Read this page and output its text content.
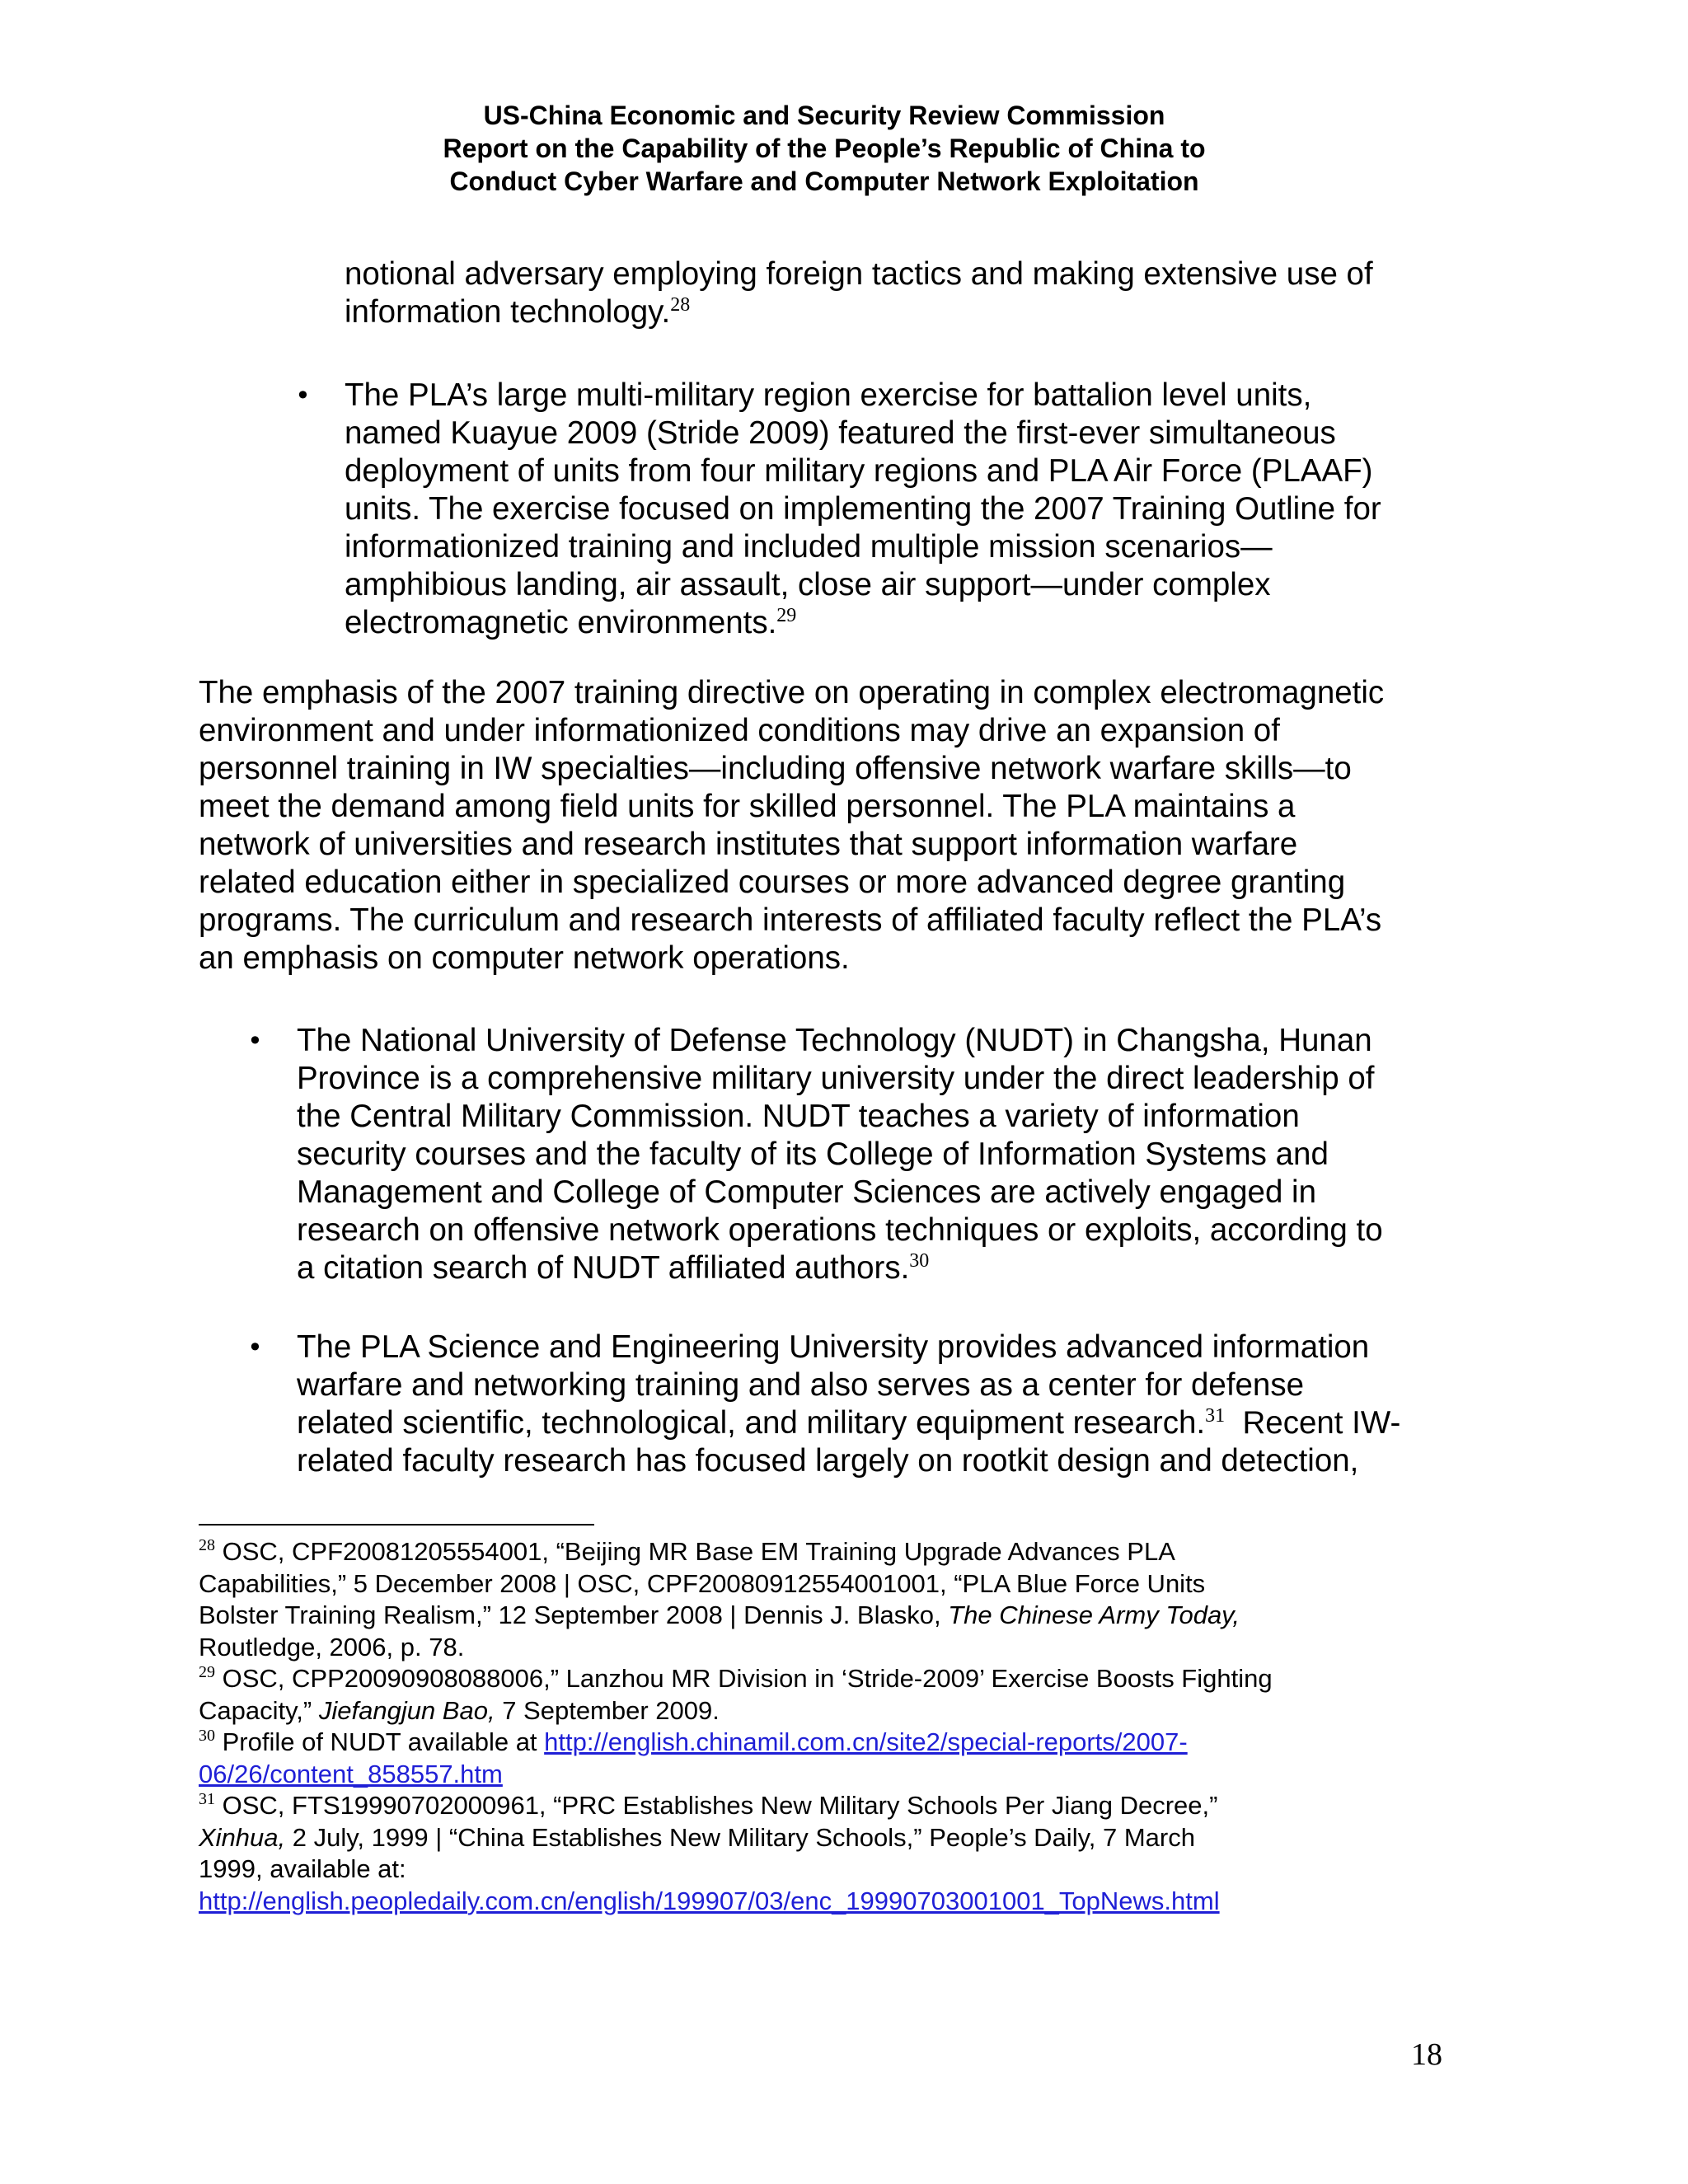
US-China Economic and Security Review Commission
Report on the Capability of the People’s Republic of China to
Conduct Cyber Warfare and Computer Network Exploitation
notional adversary employing foreign tactics and making extensive use of
information technology.$^{28}$
• The PLA’s large multi-military region exercise for battalion level units,
named Kuayue 2009 (Stride 2009) featured the first-ever simultaneous
deployment of units from four military regions and PLA Air Force (PLAAF)
units. The exercise focused on implementing the 2007 Training Outline for
informationized training and included multiple mission scenarios—
amphibious landing, air assault, close air support—under complex
electromagnetic environments.$^{29}$
The emphasis of the 2007 training directive on operating in complex electromagnetic
environment and under informationized conditions may drive an expansion of
personnel training in IW specialties—including offensive network warfare skills—to
meet the demand among field units for skilled personnel. The PLA maintains a
network of universities and research institutes that support information warfare
related education either in specialized courses or more advanced degree granting
programs. The curriculum and research interests of affiliated faculty reflect the PLA’s
an emphasis on computer network operations.
• The National University of Defense Technology (NUDT) in Changsha, Hunan
Province is a comprehensive military university under the direct leadership of
the Central Military Commission. NUDT teaches a variety of information
security courses and the faculty of its College of Information Systems and
Management and College of Computer Sciences are actively engaged in
research on offensive network operations techniques or exploits, according to
a citation search of NUDT affiliated authors.$^{30}$
• The PLA Science and Engineering University provides advanced information
warfare and networking training and also serves as a center for defense
related scientific, technological, and military equipment research.$^{31}$  Recent IW-
related faculty research has focused largely on rootkit design and detection,
$^{28}$ OSC, CPF20081205554001, “Beijing MR Base EM Training Upgrade Advances PLA
Capabilities,” 5 December 2008 | OSC, CPF20080912554001001, “PLA Blue Force Units
Bolster Training Realism,” 12 September 2008 | Dennis J. Blasko, The Chinese Army Today,
Routledge, 2006, p. 78.
$^{29}$ OSC, CPP20090908088006,” Lanzhou MR Division in ‘Stride-2009’ Exercise Boosts Fighting
Capacity,” Jiefangjun Bao, 7 September 2009.
$^{30}$ Profile of NUDT available at http://english.chinamil.com.cn/site2/special-reports/2007-
06/26/content_858557.htm
$^{31}$ OSC, FTS19990702000961, “PRC Establishes New Military Schools Per Jiang Decree,”
Xinhua, 2 July, 1999 | “China Establishes New Military Schools,” People’s Daily, 7 March
1999, available at:
http://english.peopledaily.com.cn/english/199907/03/enc_19990703001001_TopNews.html
18
